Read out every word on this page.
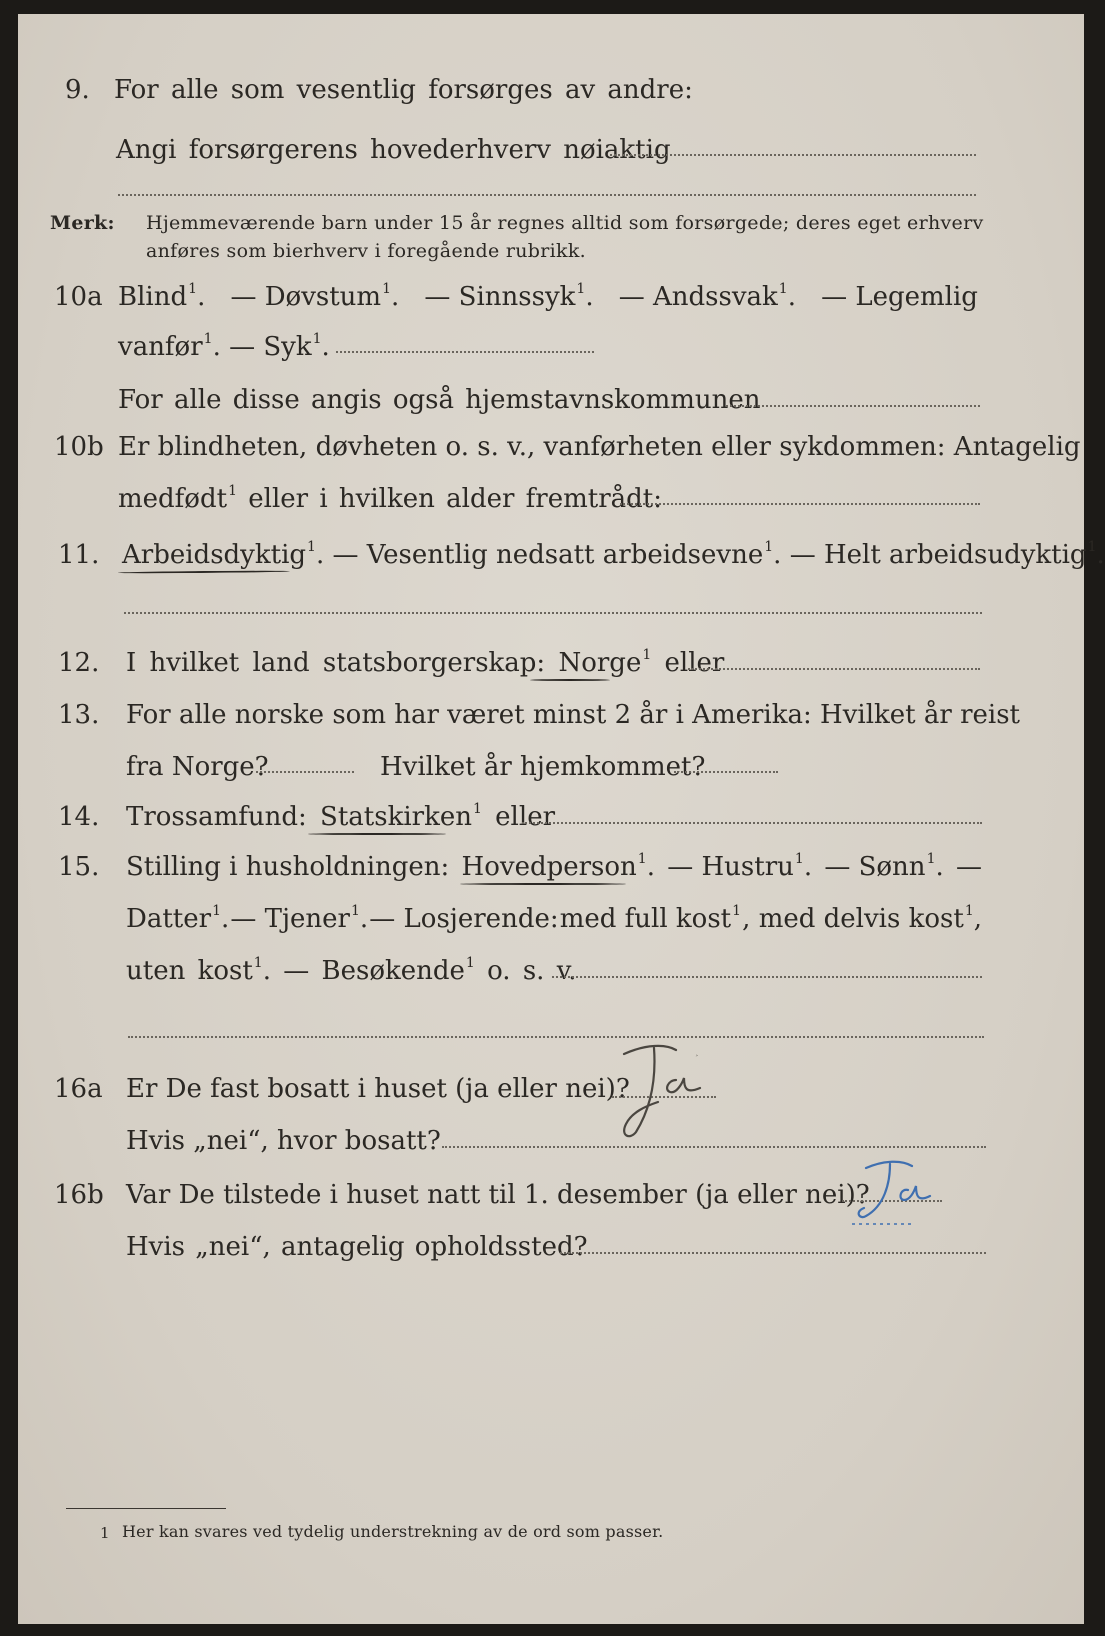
9. For alle som vesentlig forsørges av andre:
Angi forsørgerens hovederhverv nøiaktig
Merk: Hjemmeværende barn under 15 år regnes alltid som forsørgede; deres eget erhverv
anføres som bierhverv i foregående rubrikk.
10a Blind$^1$. — Døvstum$^1$. — Sinnssyk$^1$. — Andssvak$^1$. — Legemlig
vanfør$^1$. — Syk$^1$.
For alle disse angis også hjemstavnskommunen
10b Er blindheten, døvheten o. s. v., vanførheten eller sykdommen: Antagelig
medfødt$^1$ eller i hvilken alder fremtrådt:
11. Arbeidsdyktig$^1$. — Vesentlig nedsatt arbeidsevne$^1$. — Helt arbeidsudyktig$^1$.
12. I hvilket land statsborgerskap: Norge$^1$ eller
13. For alle norske som har været minst 2 år i Amerika: Hvilket år reist
fra Norge?	Hvilket år hjemkommet?
14. Trossamfund: Statskirken$^1$ eller
15. Stilling i husholdningen: Hovedperson$^1$. — Hustru$^1$. — Sønn$^1$. —
Datter$^1$. — Tjener$^1$. — Losjerende: med full kost$^1$ , med delvis kost$^1$,
uten kost$^1$. — Besøkende$^1$ o. s. v.
16a Er De fast bosatt i huset (ja eller nei)?
Ja
Hvis „nei“, hvor bosatt?
16b Var De tilstede i huset natt til 1. desember (ja eller nei)?
Hvis „nei“, antagelig opholdssted?
1 Her kan svares ved tydelig understrekning av de ord som passer.
